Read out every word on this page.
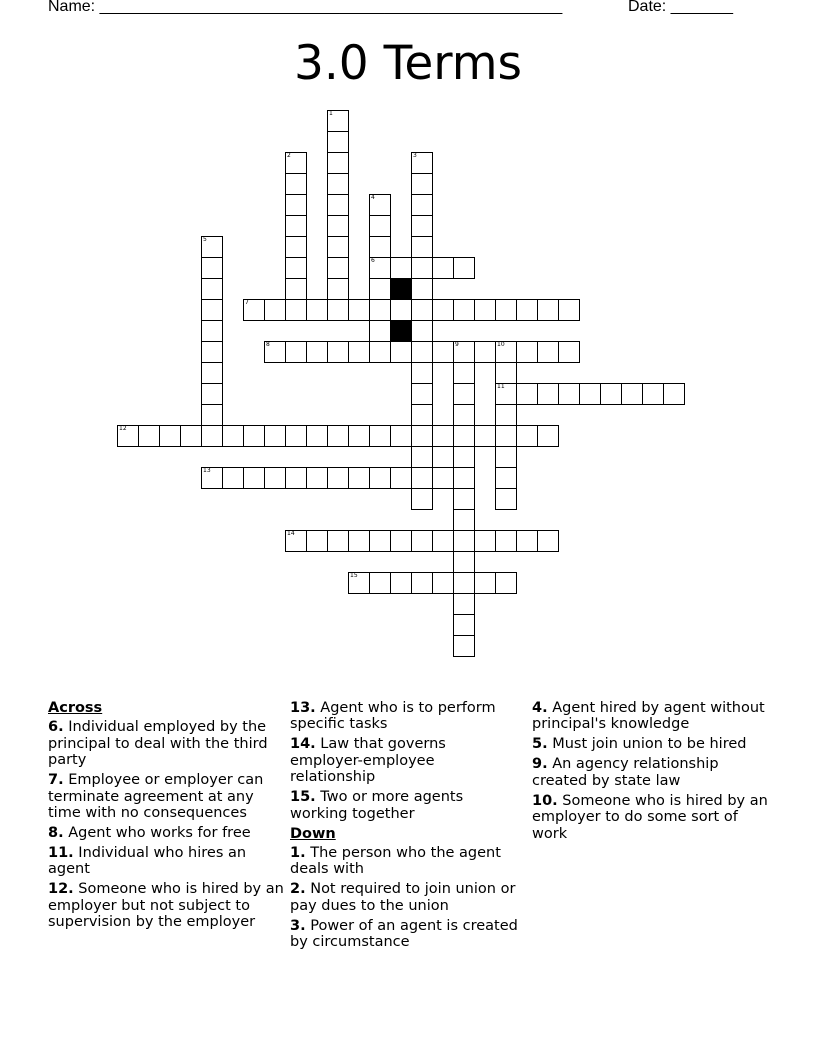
Name: ____________________________________________________	Date: _______
3.0 Terms
1
2	3
4
6
5
7
8	9	10
11
12
13
14
15
Across
6. Individual employed by the principal to deal with the third party
7. Employee or employer can terminate agreement at any time with no consequences
8. Agent who works for free
11. Individual who hires an agent
12. Someone who is hired by an employer but not subject to supervision by the employer
13. Agent who is to perform specific tasks
14. Law that governs employer-employee relationship
15. Two or more agents working together
Down
1. The person who the agent deals with
2. Not required to join union or pay dues to the union
3. Power of an agent is created by circumstance
4. Agent hired by agent without principal's knowledge
5. Must join union to be hired
9. An agency relationship created by state law
10. Someone who is hired by an employer to do some sort of work
